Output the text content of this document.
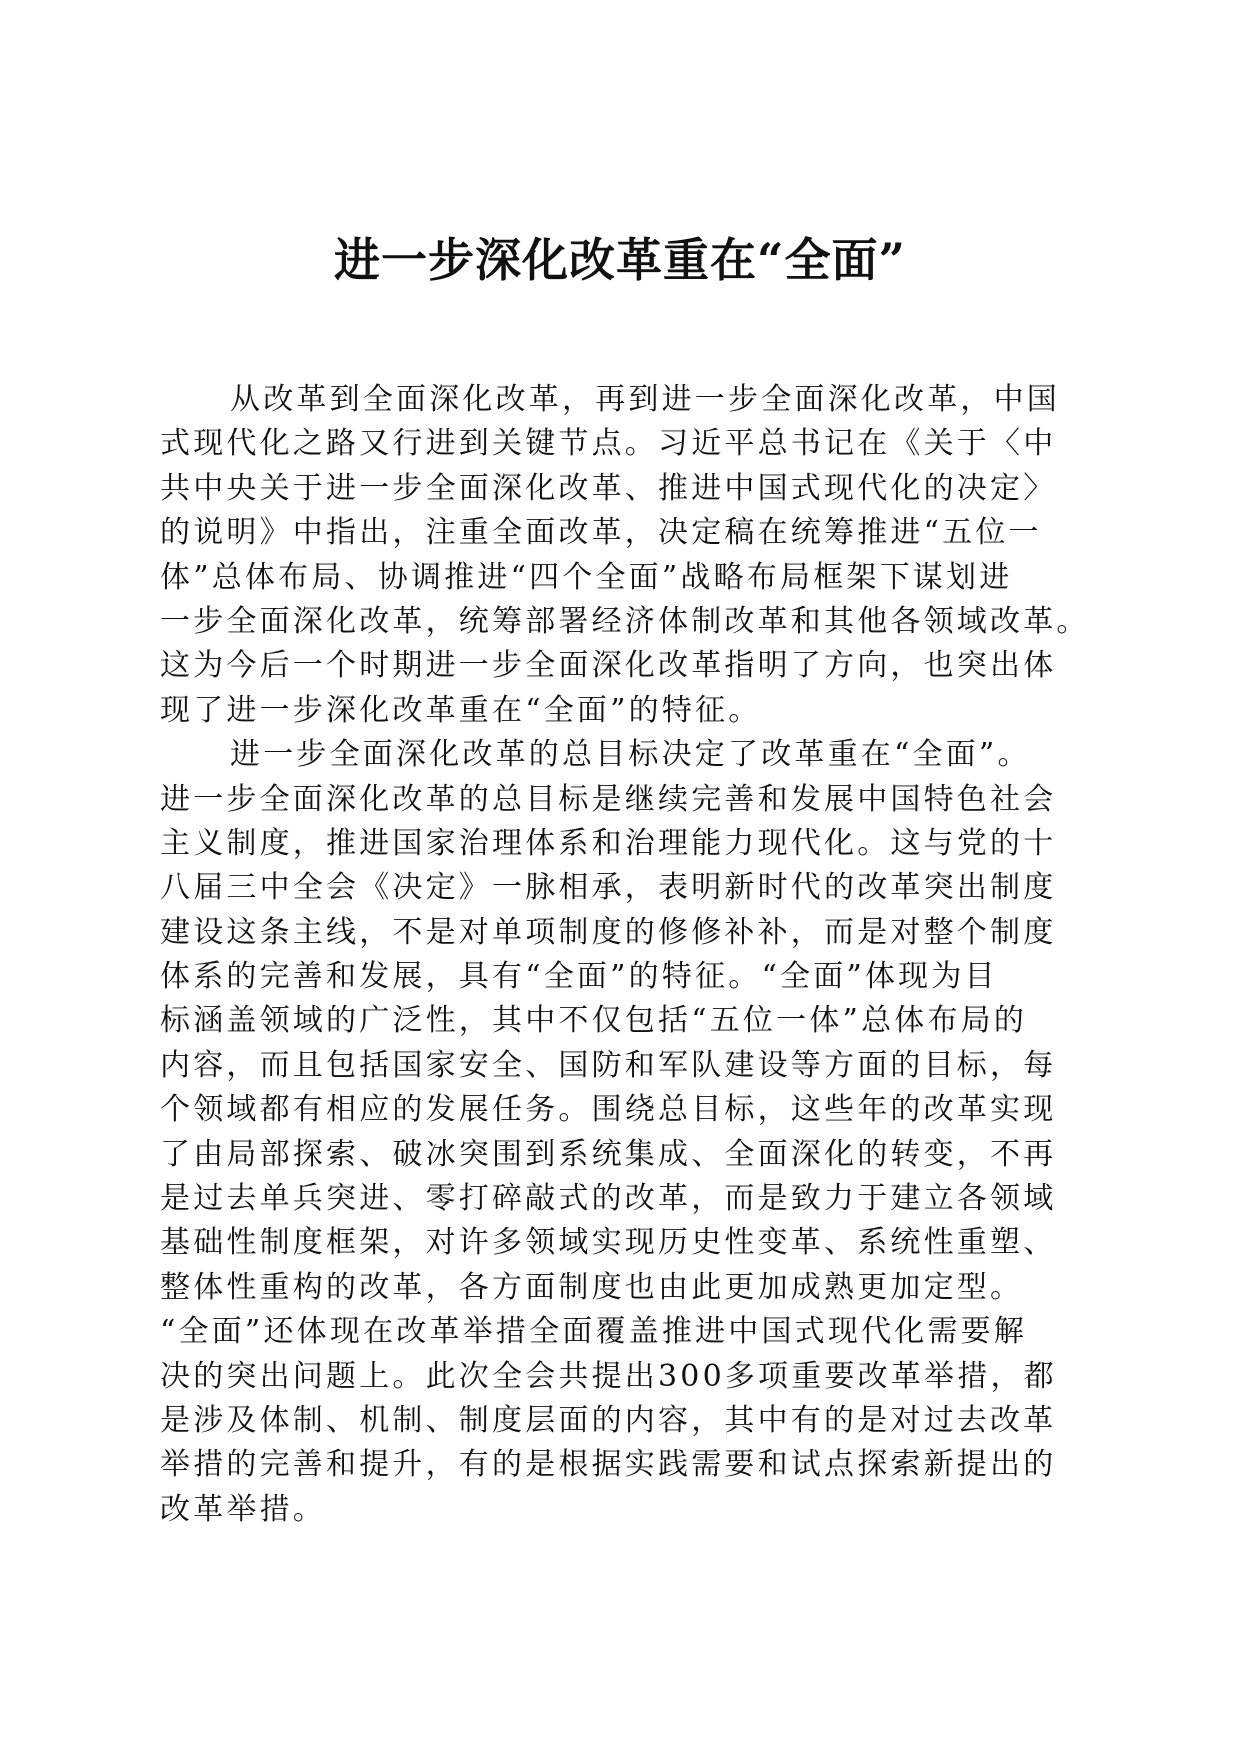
进一步深化改革重在“全面”
从改革到全面深化改革，再到进一步全面深化改革，中国
式现代化之路又行进到关键节点。习近平总书记在《关于〈中
共中央关于进一步全面深化改革、推进中国式现代化的决定〉
的说明》中指出，注重全面改革，决定稿在统筹推进“五位一
体”总体布局、协调推进“四个全面”战略布局框架下谋划进
一步全面深化改革，统筹部署经济体制改革和其他各领域改革。
这为今后一个时期进一步全面深化改革指明了方向，也突出体
现了进一步深化改革重在“全面”的特征。
进一步全面深化改革的总目标决定了改革重在“全面”。
进一步全面深化改革的总目标是继续完善和发展中国特色社会
主义制度，推进国家治理体系和治理能力现代化。这与党的十
八届三中全会《决定》一脉相承，表明新时代的改革突出制度
建设这条主线，不是对单项制度的修修补补，而是对整个制度
体系的完善和发展，具有“全面”的特征。“全面”体现为目
标涵盖领域的广泛性，其中不仅包括“五位一体”总体布局的
内容，而且包括国家安全、国防和军队建设等方面的目标，每
个领域都有相应的发展任务。围绕总目标，这些年的改革实现
了由局部探索、破冰突围到系统集成、全面深化的转变，不再
是过去单兵突进、零打碎敲式的改革，而是致力于建立各领域
基础性制度框架，对许多领域实现历史性变革、系统性重塑、
整体性重构的改革，各方面制度也由此更加成熟更加定型。
“全面”还体现在改革举措全面覆盖推进中国式现代化需要解
决的突出问题上。此次全会共提出300多项重要改革举措，都
是涉及体制、机制、制度层面的内容，其中有的是对过去改革
举措的完善和提升，有的是根据实践需要和试点探索新提出的
改革举措。
